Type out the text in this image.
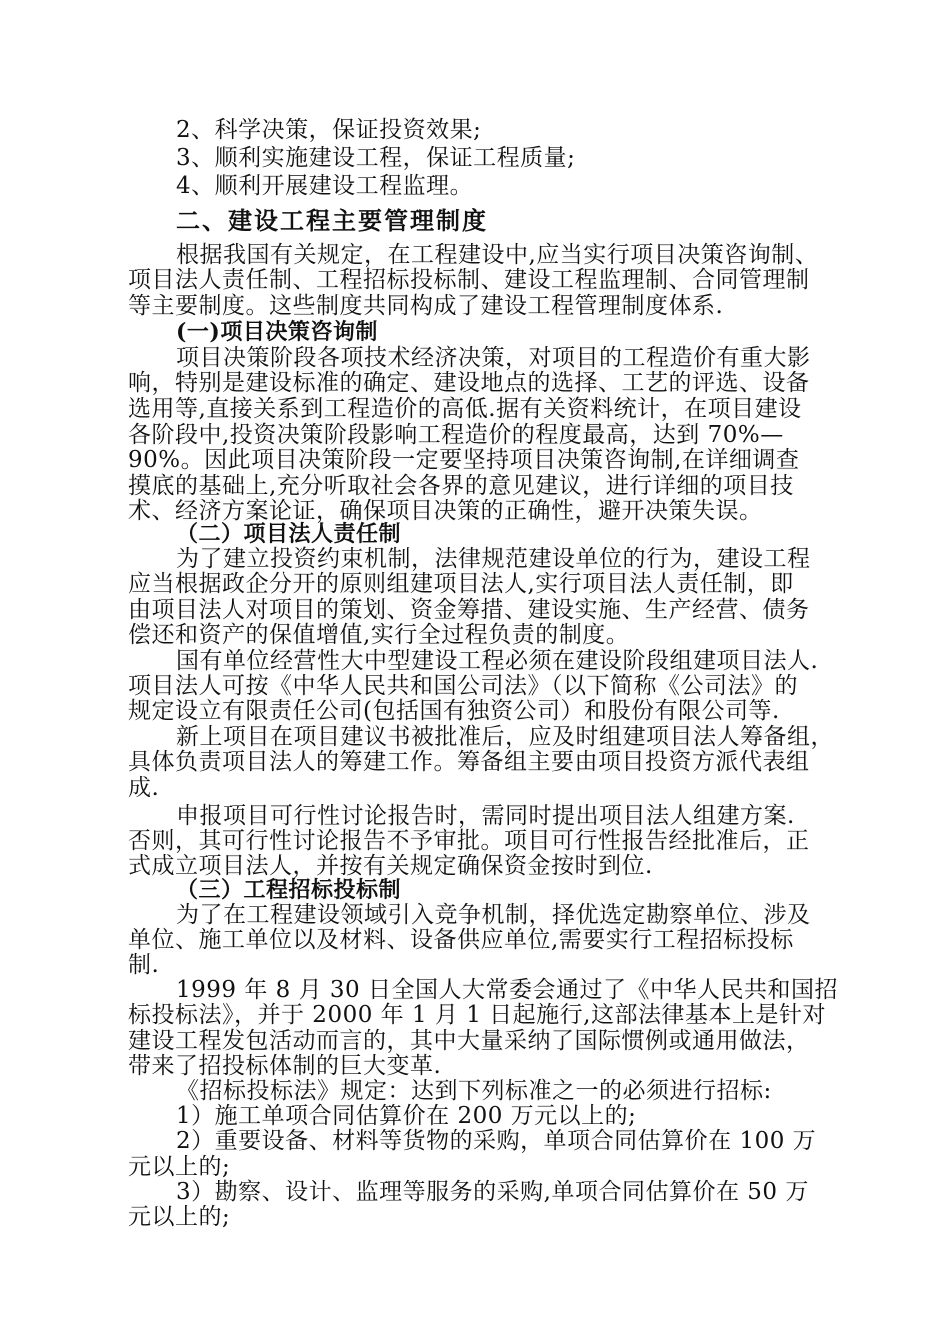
2、科学决策，保证投资效果;
3、顺利实施建设工程，保证工程质量;
4、顺利开展建设工程监理。
二、建设工程主要管理制度
根据我国有关规定，在工程建设中,应当实行项目决策咨询制、
项目法人责任制、工程招标投标制、建设工程监理制、合同管理制
等主要制度。这些制度共同构成了建设工程管理制度体系.
(一)项目决策咨询制
项目决策阶段各项技术经济决策，对项目的工程造价有重大影
响，特别是建设标准的确定、建设地点的选择、工艺的评选、设备
选用等,直接关系到工程造价的高低.据有关资料统计，在项目建设
各阶段中,投资决策阶段影响工程造价的程度最高，达到 70%—
90%。因此项目决策阶段一定要坚持项目决策咨询制,在详细调查
摸底的基础上,充分听取社会各界的意见建议，进行详细的项目技
术、经济方案论证，确保项目决策的正确性，避开决策失误。
（二）项目法人责任制
为了建立投资约束机制，法律规范建设单位的行为，建设工程
应当根据政企分开的原则组建项目法人,实行项目法人责任制，即
由项目法人对项目的策划、资金筹措、建设实施、生产经营、债务
偿还和资产的保值增值,实行全过程负责的制度。
国有单位经营性大中型建设工程必须在建设阶段组建项目法人.
项目法人可按《中华人民共和国公司法》（以下简称《公司法》的
规定设立有限责任公司(包括国有独资公司）和股份有限公司等.
新上项目在项目建议书被批准后，应及时组建项目法人筹备组，
具体负责项目法人的筹建工作。筹备组主要由项目投资方派代表组
成.
申报项目可行性讨论报告时，需同时提出项目法人组建方案.
否则，其可行性讨论报告不予审批。项目可行性报告经批准后，正
式成立项目法人，并按有关规定确保资金按时到位.
（三）工程招标投标制
为了在工程建设领域引入竞争机制，择优选定勘察单位、涉及
单位、施工单位以及材料、设备供应单位,需要实行工程招标投标
制.
1999 年 8 月 30 日全国人大常委会通过了《中华人民共和国招
标投标法》，并于 2000 年 1 月 1 日起施行,这部法律基本上是针对
建设工程发包活动而言的，其中大量采纳了国际惯例或通用做法，
带来了招投标体制的巨大变革.
《招标投标法》规定：达到下列标准之一的必须进行招标:
1）施工单项合同估算价在 200 万元以上的;
2）重要设备、材料等货物的采购，单项合同估算价在 100 万
元以上的;
3）勘察、设计、监理等服务的采购,单项合同估算价在 50 万
元以上的;
